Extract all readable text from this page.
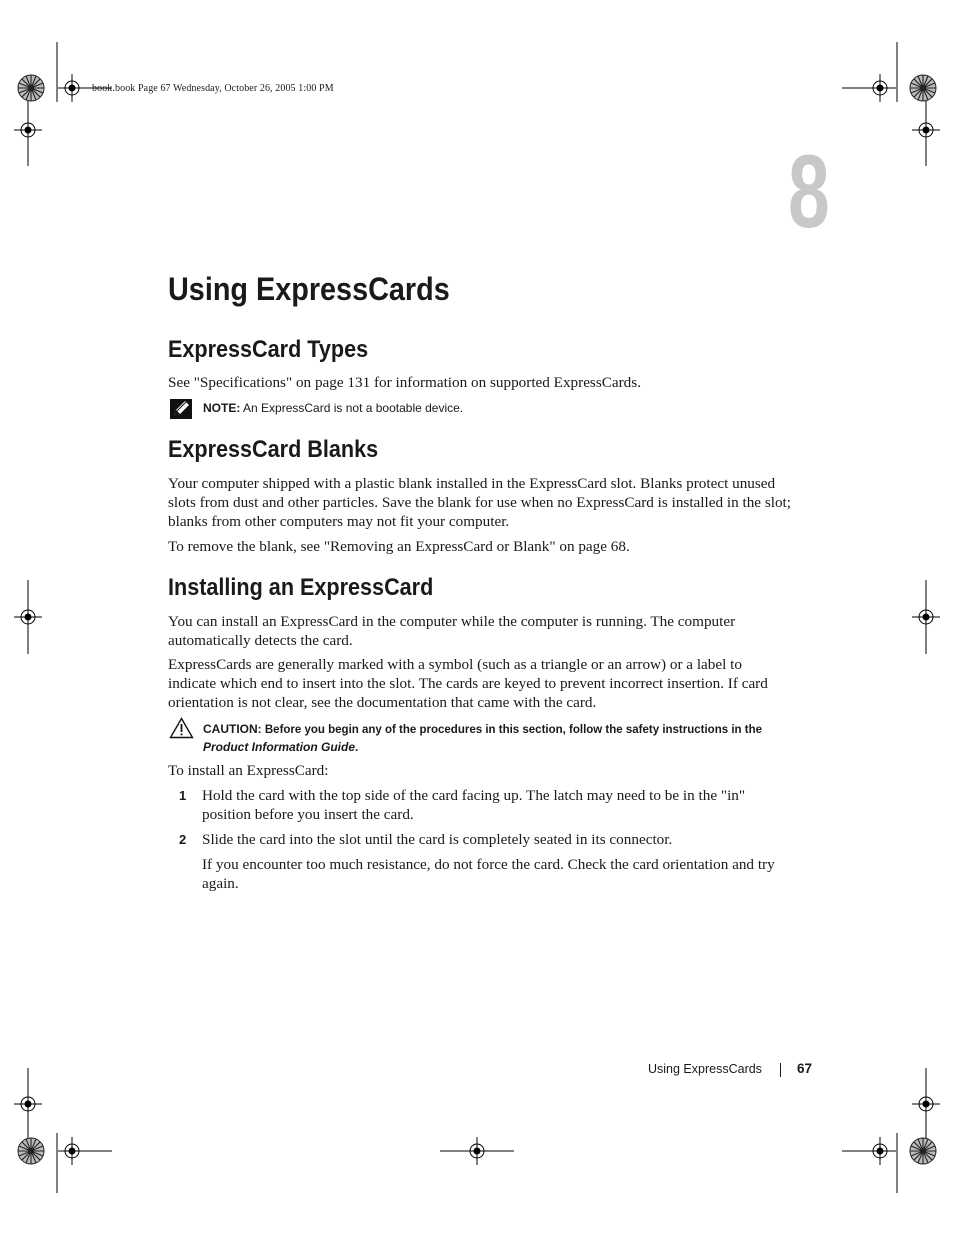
book.book Page 67 Wednesday, October 26, 2005 1:00 PM
8
Using ExpressCards
ExpressCard Types
See "Specifications" on page 131 for information on supported ExpressCards.
NOTE: An ExpressCard is not a bootable device.
ExpressCard Blanks
Your computer shipped with a plastic blank installed in the ExpressCard slot. Blanks protect unused slots from dust and other particles. Save the blank for use when no ExpressCard is installed in the slot; blanks from other computers may not fit your computer.
To remove the blank, see "Removing an ExpressCard or Blank" on page 68.
Installing an ExpressCard
You can install an ExpressCard in the computer while the computer is running. The computer automatically detects the card.
ExpressCards are generally marked with a symbol (such as a triangle or an arrow) or a label to indicate which end to insert into the slot. The cards are keyed to prevent incorrect insertion. If card orientation is not clear, see the documentation that came with the card.
CAUTION: Before you begin any of the procedures in this section, follow the safety instructions in the Product Information Guide.
To install an ExpressCard:
1 Hold the card with the top side of the card facing up. The latch may need to be in the "in" position before you insert the card.
2 Slide the card into the slot until the card is completely seated in its connector.
If you encounter too much resistance, do not force the card. Check the card orientation and try again.
Using ExpressCards	67
